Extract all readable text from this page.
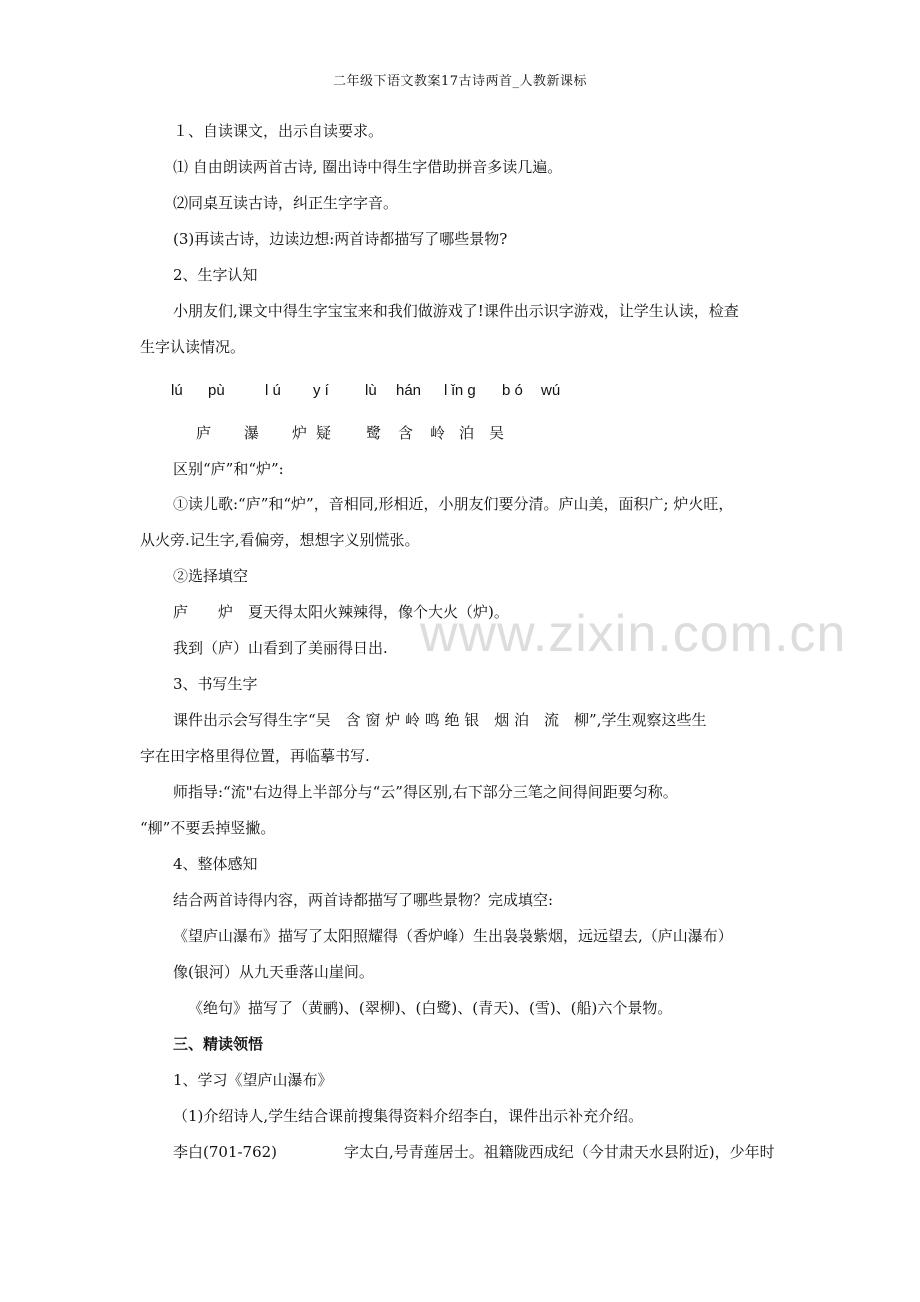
二年级下语文教案17古诗两首_人教新课标
www.zixin.com.cn
１、自读课文，出示自读要求。
⑴ 自由朗读两首古诗, 圈出诗中得生字借助拼音多读几遍。
⑵同桌互读古诗，纠正生字字音。
(3)再读古诗，边读边想:两首诗都描写了哪些景物?
2、生字认知
小朋友们,课文中得生字宝宝来和我们做游戏了!课件出示识字游戏，让学生认读，检查
生字认读情况。
lú pù	l ú y í lù hán l ǐn g b ó wú
庐 瀑 炉 疑 鹭 含 岭 泊 吴
区别“庐”和“炉”:
①读儿歌:“庐”和“炉”，音相同,形相近，小朋友们要分清。庐山美，面积广; 炉火旺，
从火旁.记生字,看偏旁，想想字义别慌张。
②选择填空
庐　　炉　夏天得太阳火辣辣得，像个大火（炉)。
我到（庐）山看到了美丽得日出.
3、书写生字
课件出示会写得生字“吴　含 窗 炉 岭 鸣 绝 银　烟 泊　流　柳”,学生观察这些生
字在田字格里得位置，再临摹书写.
师指导:“流"右边得上半部分与“云”得区别,右下部分三笔之间得间距要匀称。
“柳”不要丢掉竖撇。
4、整体感知
结合两首诗得内容，两首诗都描写了哪些景物？完成填空:
《望庐山瀑布》描写了太阳照耀得（香炉峰）生出袅袅紫烟，远远望去,（庐山瀑布）
像(银河）从九天垂落山崖间。
《绝句》描写了（黄鹂)、(翠柳)、(白鹭)、(青天)、(雪)、(船)六个景物。
三、精读领悟
1、学习《望庐山瀑布》
（1)介绍诗人,学生结合课前搜集得资料介绍李白，课件出示补充介绍。
李白(701-762)	字太白,号青莲居士。祖籍陇西成纪（今甘肃天水县附近)，少年时
